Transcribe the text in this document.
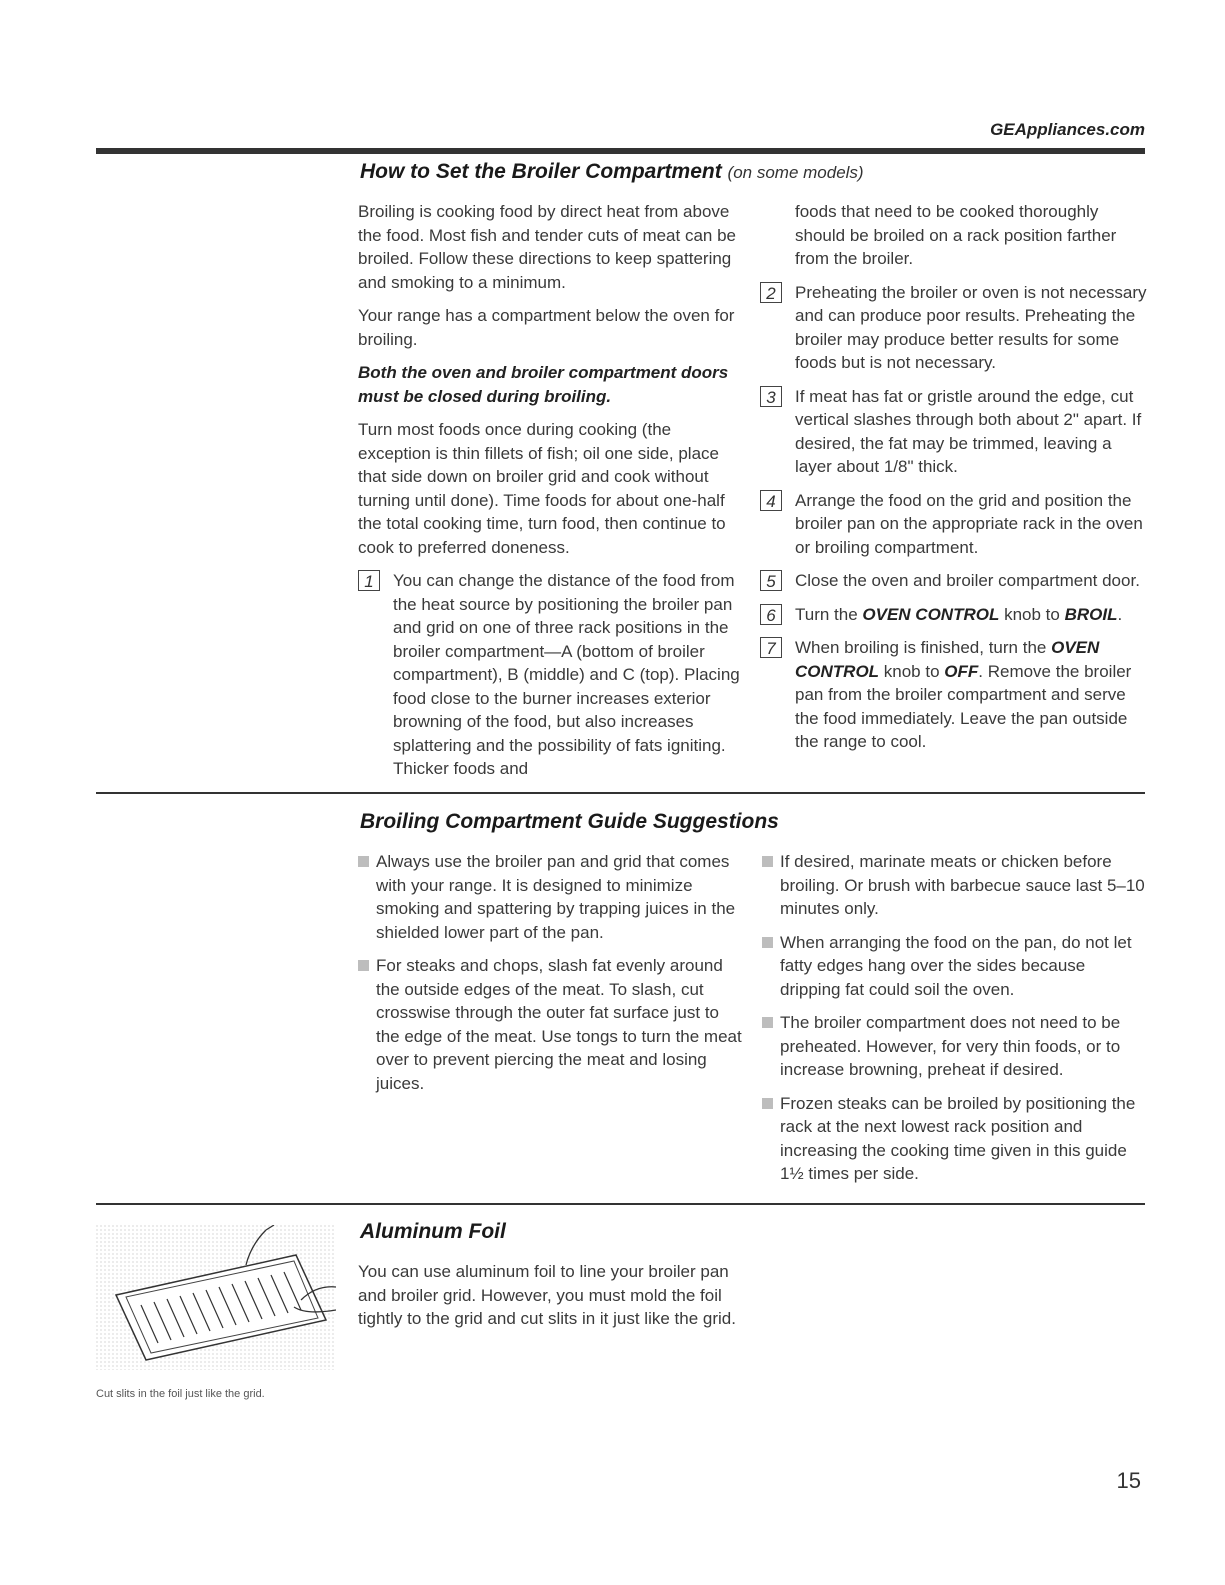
GEAppliances.com
How to Set the Broiler Compartment (on some models)

Broiling is cooking food by direct heat from above the food. Most fish and tender cuts of meat can be broiled. Follow these directions to keep spattering and smoking to a minimum.

Your range has a compartment below the oven for broiling.

Both the oven and broiler compartment doors must be closed during broiling.

Turn most foods once during cooking (the exception is thin fillets of fish; oil one side, place that side down on broiler grid and cook without turning until done). Time foods for about one-half the total cooking time, turn food, then continue to cook to preferred doneness.

1	You can change the distance of the food from the heat source by positioning the broiler pan and grid on one of three rack positions in the broiler compartment—A (bottom of broiler compartment), B (middle) and C (top). Placing food close to the burner increases exterior browning of the food, but also increases splattering and the possibility of fats igniting. Thicker foods and
foods that need to be cooked thoroughly should be broiled on a rack position farther from the broiler.
2	Preheating the broiler or oven is not necessary and can produce poor results. Preheating the broiler may produce better results for some foods but is not necessary.
3	If meat has fat or gristle around the edge, cut vertical slashes through both about 2" apart. If desired, the fat may be trimmed, leaving a layer about 1/8" thick.
4	Arrange the food on the grid and position the broiler pan on the appropriate rack in the oven or broiling compartment.
5	Close the oven and broiler compartment door.
6	Turn the OVEN CONTROL knob to BROIL.
7	When broiling is finished, turn the OVEN CONTROL knob to OFF. Remove the broiler pan from the broiler compartment and serve the food immediately. Leave the pan outside the range to cool.
Broiling Compartment Guide Suggestions
Always use the broiler pan and grid that comes with your range. It is designed to minimize smoking and spattering by trapping juices in the shielded lower part of the pan.
For steaks and chops, slash fat evenly around the outside edges of the meat. To slash, cut crosswise through the outer fat surface just to the edge of the meat. Use tongs to turn the meat over to prevent piercing the meat and losing juices.
If desired, marinate meats or chicken before broiling. Or brush with barbecue sauce last 5–10 minutes only.
When arranging the food on the pan, do not let fatty edges hang over the sides because dripping fat could soil the oven.
The broiler compartment does not need to be preheated. However, for very thin foods, or to increase browning, preheat if desired.
Frozen steaks can be broiled by positioning the rack at the next lowest rack position and increasing the cooking time given in this guide 1½ times per side.
Cut slits in the foil just like the grid.
Aluminum Foil

You can use aluminum foil to line your broiler pan and broiler grid. However, you must mold the foil tightly to the grid and cut slits in it just like the grid.

15
